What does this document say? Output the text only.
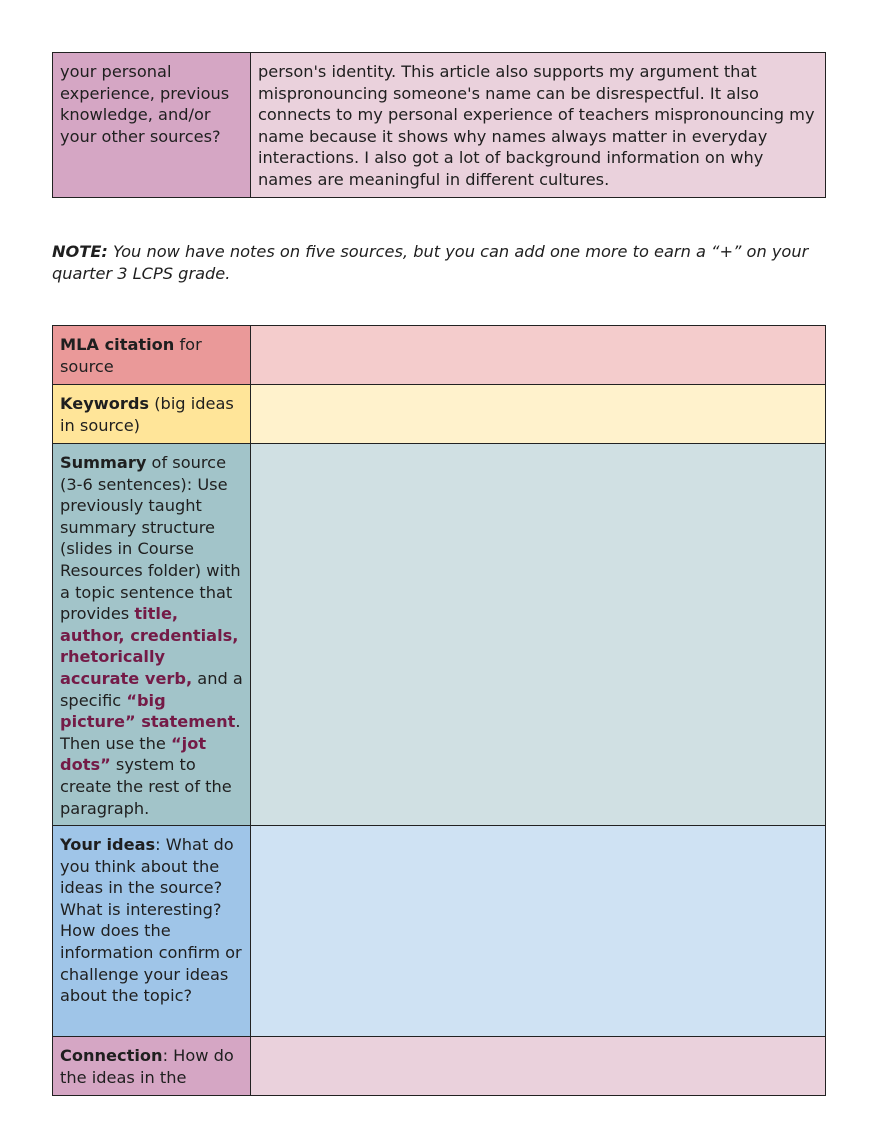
your personal experience, previous knowledge, and/or your other sources?	person's identity. This article also supports my argument that mispronouncing someone's name can be disrespectful. It also connects to my personal experience of teachers mispronouncing my name because it shows why names always matter in everyday interactions. I also got a lot of background information on why names are meaningful in different cultures.
NOTE: You now have notes on five sources, but you can add one more to earn a “+” on your quarter 3 LCPS grade.
MLA citation for source	
Keywords (big ideas in source)	
Summary of source (3-6 sentences): Use previously taught summary structure (slides in Course Resources folder) with a topic sentence that provides title, author, credentials, rhetorically accurate verb, and a specific “big picture” statement. Then use the “jot dots” system to create the rest of the paragraph.	
Your ideas: What do you think about the ideas in the source? What is interesting? How does the information confirm or challenge your ideas about the topic?	
Connection: How do the ideas in the	
